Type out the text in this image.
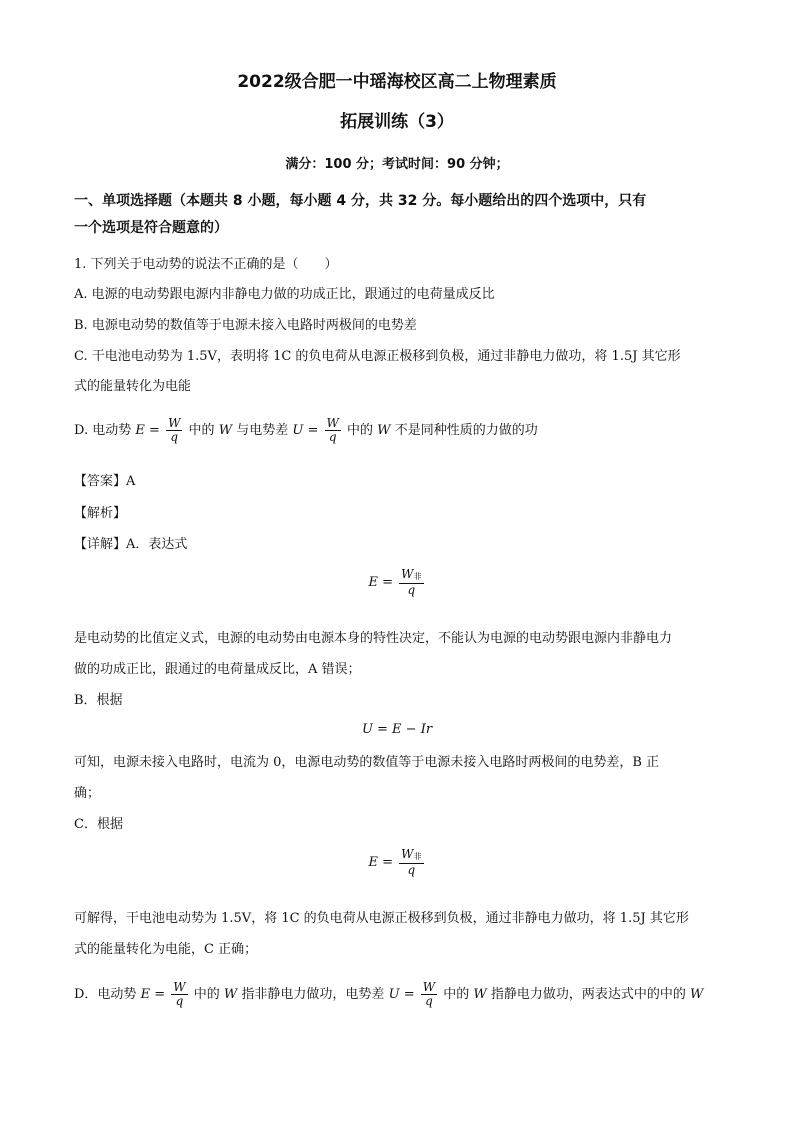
2022级合肥一中瑶海校区高二上物理素质
拓展训练（3）
满分：100 分；考试时间：90 分钟；
一、单项选择题（本题共 8 小题，每小题 4 分，共 32 分。每小题给出的四个选项中，只有
一个选项是符合题意的）
1. 下列关于电动势的说法不正确的是（　　）
A. 电源的电动势跟电源内非静电力做的功成正比，跟通过的电荷量成反比
B. 电源电动势的数值等于电源未接入电路时两极间的电势差
C. 干电池电动势为 1.5V，表明将 1C 的负电荷从电源正极移到负极，通过非静电力做功，将 1.5J 其它形
式的能量转化为电能
D. 电动势 $E = \frac{W}{q}$ 中的 W 与电势差 $U = \frac{W}{q}$ 中的 W 不是同种性质的力做的功
【答案】A
【解析】
【详解】A．表达式
$E = \frac{\text{W非}}{q}$
是电动势的比值定义式，电源的电动势由电源本身的特性决定，不能认为电源的电动势跟电源内非静电力
做的功成正比，跟通过的电荷量成反比，A 错误；
B．根据
U = E − Ir
可知，电源未接入电路时，电流为 0，电源电动势的数值等于电源未接入电路时两极间的电势差，B 正
确；
C．根据
$E = \frac{\text{W非}}{q}$
可解得，干电池电动势为 1.5V，将 1C 的负电荷从电源正极移到负极，通过非静电力做功，将 1.5J 其它形
式的能量转化为电能，C 正确；
D．电动势 $E = \frac{W}{q}$ 中的 W 指非静电力做功，电势差 $U = \frac{W}{q}$ 中的 W 指静电力做功，两表达式中的中的 W
